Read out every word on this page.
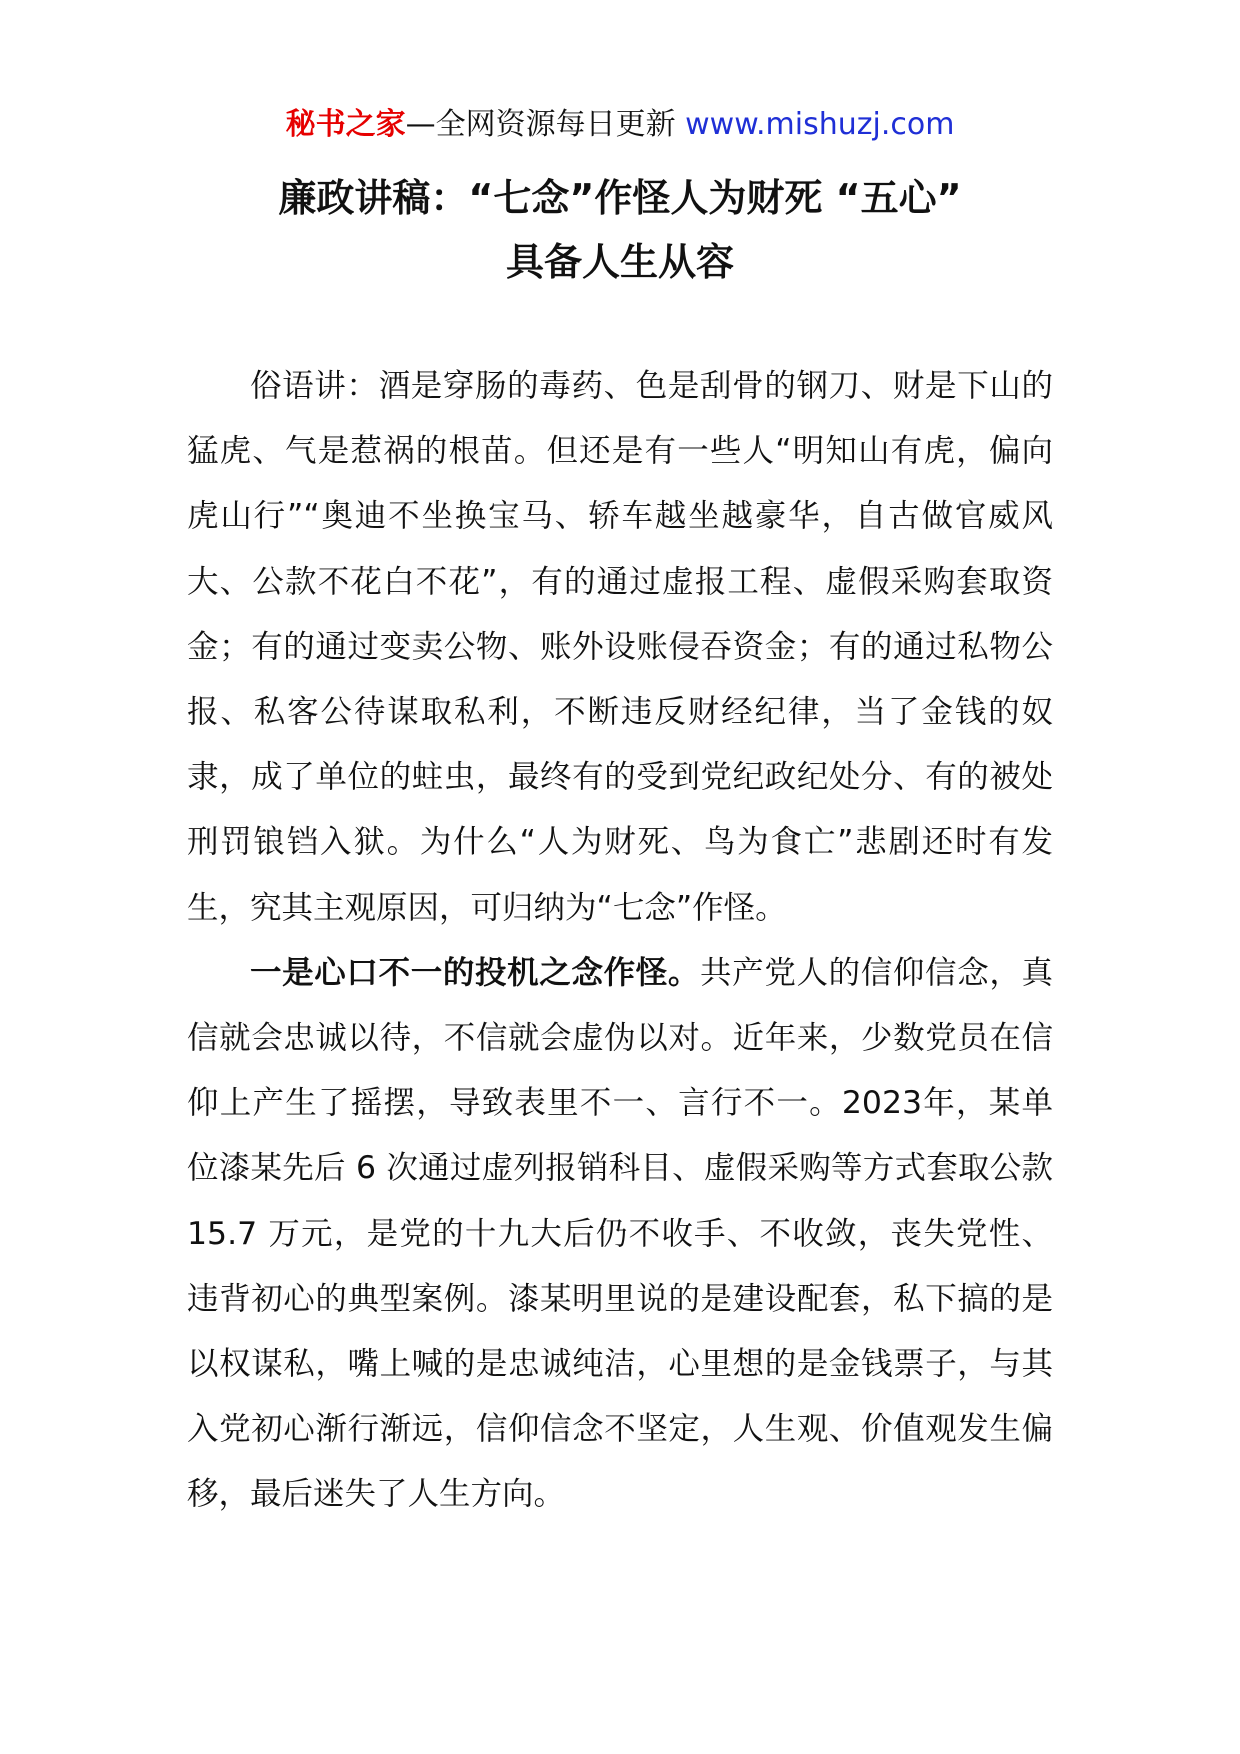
秘书之家—全网资源每日更新 www.mishuzj.com
廉政讲稿：“七念”作怪人为财死 “五心”
具备人生从容

俗语讲：酒是穿肠的毒药、色是刮骨的钢刀、财是下山的猛虎、气是惹祸的根苗。但还是有一些人“明知山有虎，偏向虎山行”“奥迪不坐换宝马、轿车越坐越豪华，自古做官威风大、公款不花白不花”，有的通过虚报工程、虚假采购套取资金；有的通过变卖公物、账外设账侵吞资金；有的通过私物公报、私客公待谋取私利，不断违反财经纪律，当了金钱的奴隶，成了单位的蛀虫，最终有的受到党纪政纪处分、有的被处刑罚锒铛入狱。为什么“人为财死、鸟为食亡”悲剧还时有发生，究其主观原因，可归纳为“七念”作怪。

一是心口不一的投机之念作怪。共产党人的信仰信念，真信就会忠诚以待，不信就会虚伪以对。近年来，少数党员在信仰上产生了摇摆，导致表里不一、言行不一。2023年，某单位漆某先后 6 次通过虚列报销科目、虚假采购等方式套取公款 15.7 万元，是党的十九大后仍不收手、不收敛，丧失党性、违背初心的典型案例。漆某明里说的是建设配套，私下搞的是以权谋私，嘴上喊的是忠诚纯洁，心里想的是金钱票子，与其入党初心渐行渐远，信仰信念不坚定，人生观、价值观发生偏移，最后迷失了人生方向。
